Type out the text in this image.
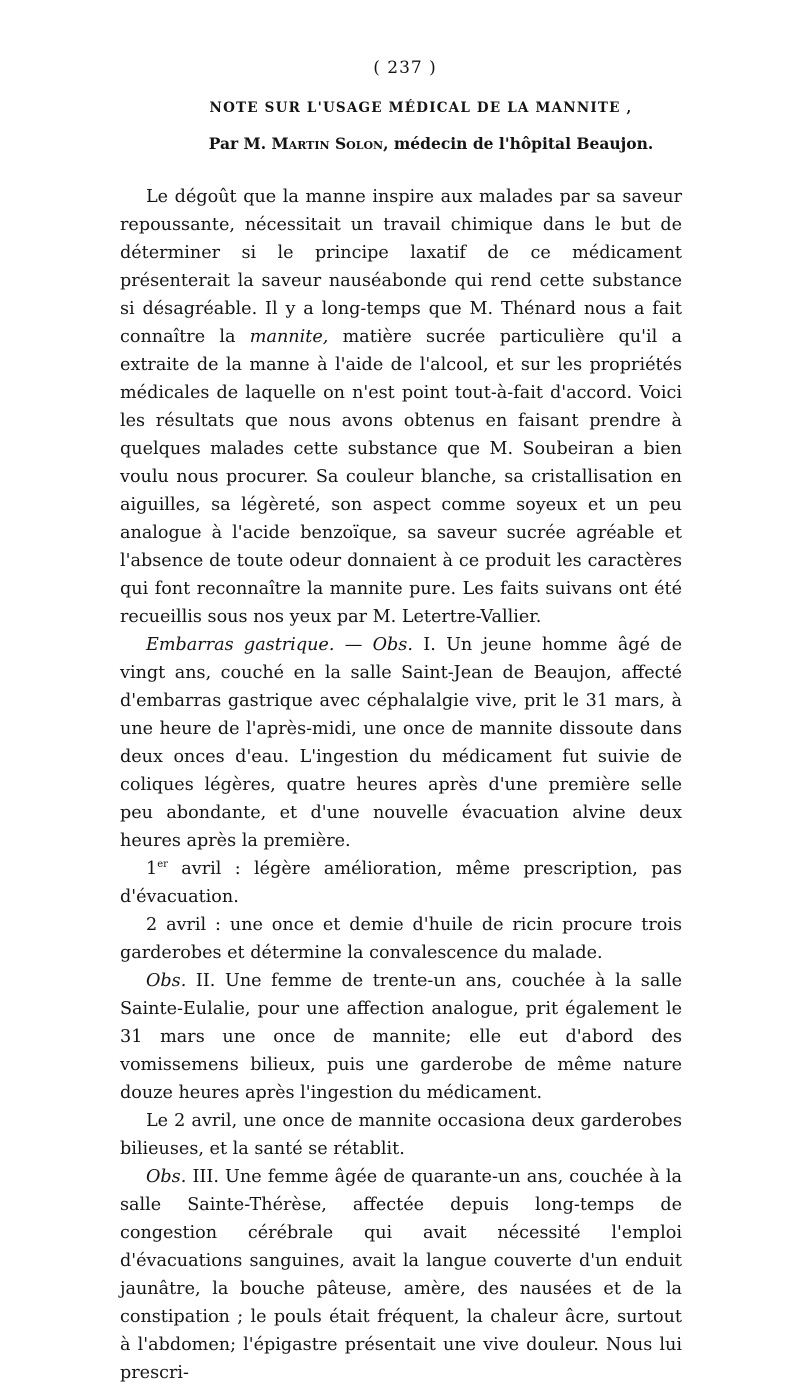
( 237 )
NOTE SUR L'USAGE MÉDICAL DE LA MANNITE ,
Par M. Martin Solon, médecin de l'hôpital Beaujon.

Le dégoût que la manne inspire aux malades par sa saveur repoussante, nécessitait un travail chimique dans le but de déterminer si le principe laxatif de ce médicament présenterait la saveur nauséabonde qui rend cette substance si désagréable. Il y a long-temps que M. Thénard nous a fait connaître la mannite, matière sucrée particulière qu'il a extraite de la manne à l'aide de l'alcool, et sur les propriétés médicales de laquelle on n'est point tout-à-fait d'accord. Voici les résultats que nous avons obtenus en faisant prendre à quelques malades cette substance que M. Soubeiran a bien voulu nous procurer. Sa couleur blanche, sa cristallisation en aiguilles, sa légèreté, son aspect comme soyeux et un peu analogue à l'acide benzoïque, sa saveur sucrée agréable et l'absence de toute odeur donnaient à ce produit les caractères qui font reconnaître la mannite pure. Les faits suivans ont été recueillis sous nos yeux par M. Letertre-Vallier.

Embarras gastrique. — Obs. I. Un jeune homme âgé de vingt ans, couché en la salle Saint-Jean de Beaujon, affecté d'embarras gastrique avec céphalalgie vive, prit le 31 mars, à une heure de l'après-midi, une once de mannite dissoute dans deux onces d'eau. L'ingestion du médicament fut suivie de coliques légères, quatre heures après d'une première selle peu abondante, et d'une nouvelle évacuation alvine deux heures après la première.

1er avril : légère amélioration, même prescription, pas d'évacuation.

2 avril : une once et demie d'huile de ricin procure trois garderobes et détermine la convalescence du malade.

Obs. II. Une femme de trente-un ans, couchée à la salle Sainte-Eulalie, pour une affection analogue, prit également le 31 mars une once de mannite; elle eut d'abord des vomissemens bilieux, puis une garderobe de même nature douze heures après l'ingestion du médicament.

Le 2 avril, une once de mannite occasiona deux garderobes bilieuses, et la santé se rétablit.

Obs. III. Une femme âgée de quarante-un ans, couchée à la salle Sainte-Thérèse, affectée depuis long-temps de congestion cérébrale qui avait nécessité l'emploi d'évacuations sanguines, avait la langue couverte d'un enduit jaunâtre, la bouche pâteuse, amère, des nausées et de la constipation ; le pouls était fréquent, la chaleur âcre, surtout à l'abdomen; l'épigastre présentait une vive douleur. Nous lui prescri-
